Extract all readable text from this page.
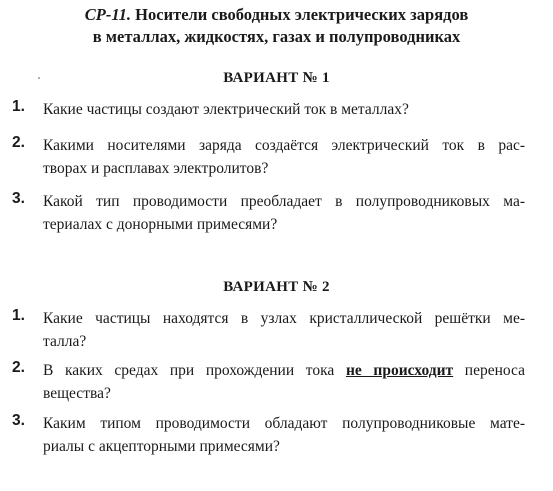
СР-11. Носители свободных электрических зарядов
в металлах, жидкостях, газах и полупроводниках
ВАРИАНТ № 1
1. Какие частицы создают электрический ток в металлах?
2. Какими носителями заряда создаётся электрический ток в рас-
творах и расплавах электролитов?
3. Какой тип проводимости преобладает в полупроводниковых ма-
териалах с донорными примесями?
ВАРИАНТ № 2
1. Какие частицы находятся в узлах кристаллической решётки ме-
талла?
2. В каких средах при прохождении тока не происходит переноса
вещества?
3. Каким типом проводимости обладают полупроводниковые мате-
риалы с акцепторными примесями?
